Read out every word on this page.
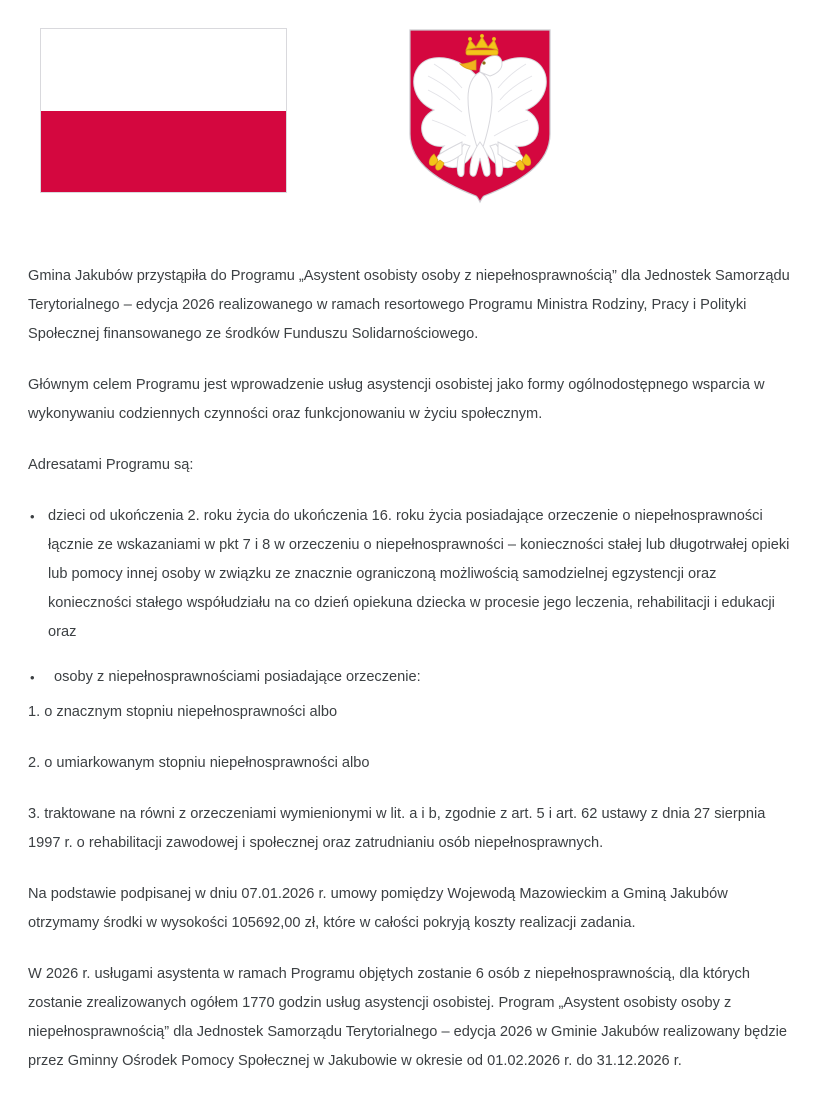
Gmina Jakubów przystąpiła do Programu „Asystent osobisty osoby z niepełnosprawnością” dla Jednostek Samorządu Terytorialnego – edycja 2026 realizowanego w ramach resortowego Programu Ministra Rodziny, Pracy i Polityki Społecznej finansowanego ze środków Funduszu Solidarnościowego.

Głównym celem Programu jest wprowadzenie usług asystencji osobistej jako formy ogólnodostępnego wsparcia w wykonywaniu codziennych czynności oraz funkcjonowaniu w życiu społecznym.

Adresatami Programu są:

• dzieci od ukończenia 2. roku życia do ukończenia 16. roku życia posiadające orzeczenie o niepełnosprawności łącznie ze wskazaniami w pkt 7 i 8 w orzeczeniu o niepełnosprawności – konieczności stałej lub długotrwałej opieki lub pomocy innej osoby w związku ze znacznie ograniczoną możliwością samodzielnej egzystencji oraz konieczności stałego współudziału na co dzień opiekuna dziecka w procesie jego leczenia, rehabilitacji i edukacji oraz
• osoby z niepełnosprawnościami posiadające orzeczenie:

1. o znacznym stopniu niepełnosprawności albo

2. o umiarkowanym stopniu niepełnosprawności albo

3. traktowane na równi z orzeczeniami wymienionymi w lit. a i b, zgodnie z art. 5 i art. 62 ustawy z dnia 27 sierpnia 1997 r. o rehabilitacji zawodowej i społecznej oraz zatrudnianiu osób niepełnosprawnych.

Na podstawie podpisanej w dniu 07.01.2026 r. umowy pomiędzy Wojewodą Mazowieckim a Gminą Jakubów otrzymamy środki w wysokości 105692,00 zł, które w całości pokryją koszty realizacji zadania.

W 2026 r. usługami asystenta w ramach Programu objętych zostanie 6 osób z niepełnosprawnością, dla których zostanie zrealizowanych ogółem 1770 godzin usług asystencji osobistej. Program „Asystent osobisty osoby z niepełnosprawnością” dla Jednostek Samorządu Terytorialnego – edycja 2026 w Gminie Jakubów realizowany będzie przez Gminny Ośrodek Pomocy Społecznej w Jakubowie w okresie od 01.02.2026 r. do 31.12.2026 r.
